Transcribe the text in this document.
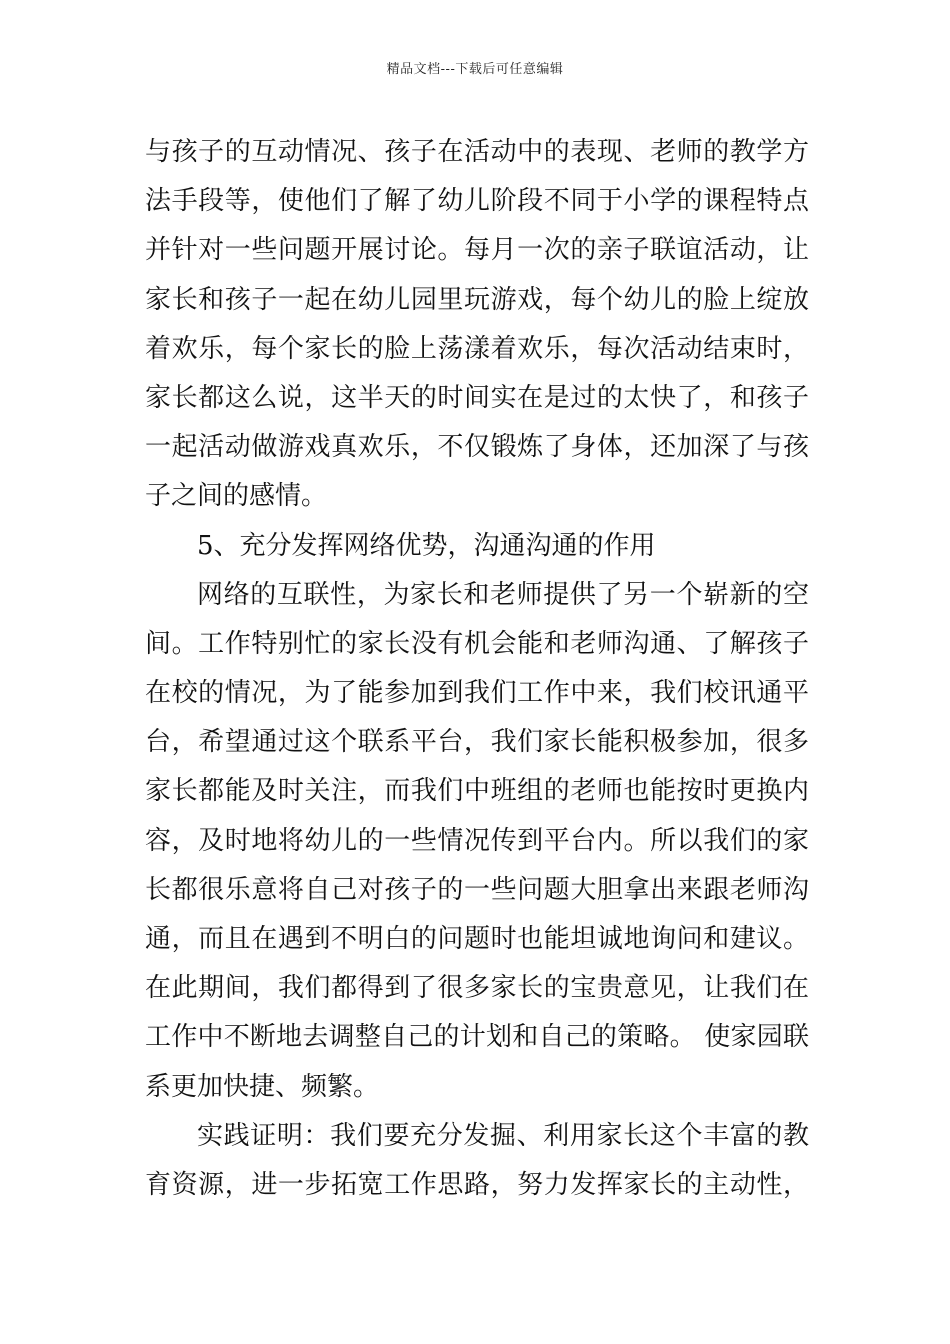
精品文档---下载后可任意编辑
与孩子的互动情况、孩子在活动中的表现、老师的教学方
法手段等，使他们了解了幼儿阶段不同于小学的课程特点
并针对一些问题开展讨论。每月一次的亲子联谊活动，让
家长和孩子一起在幼儿园里玩游戏，每个幼儿的脸上绽放
着欢乐，每个家长的脸上荡漾着欢乐，每次活动结束时，
家长都这么说，这半天的时间实在是过的太快了，和孩子
一起活动做游戏真欢乐，不仅锻炼了身体，还加深了与孩
子之间的感情。
5、充分发挥网络优势，沟通沟通的作用
网络的互联性，为家长和老师提供了另一个崭新的空
间。工作特别忙的家长没有机会能和老师沟通、了解孩子
在校的情况，为了能参加到我们工作中来，我们校讯通平
台，希望通过这个联系平台，我们家长能积极参加，很多
家长都能及时关注，而我们中班组的老师也能按时更换内
容，及时地将幼儿的一些情况传到平台内。所以我们的家
长都很乐意将自己对孩子的一些问题大胆拿出来跟老师沟
通，而且在遇到不明白的问题时也能坦诚地询问和建议。
在此期间，我们都得到了很多家长的宝贵意见，让我们在
工作中不断地去调整自己的计划和自己的策略。 使家园联
系更加快捷、频繁。
实践证明：我们要充分发掘、利用家长这个丰富的教
育资源，进一步拓宽工作思路，努力发挥家长的主动性，
